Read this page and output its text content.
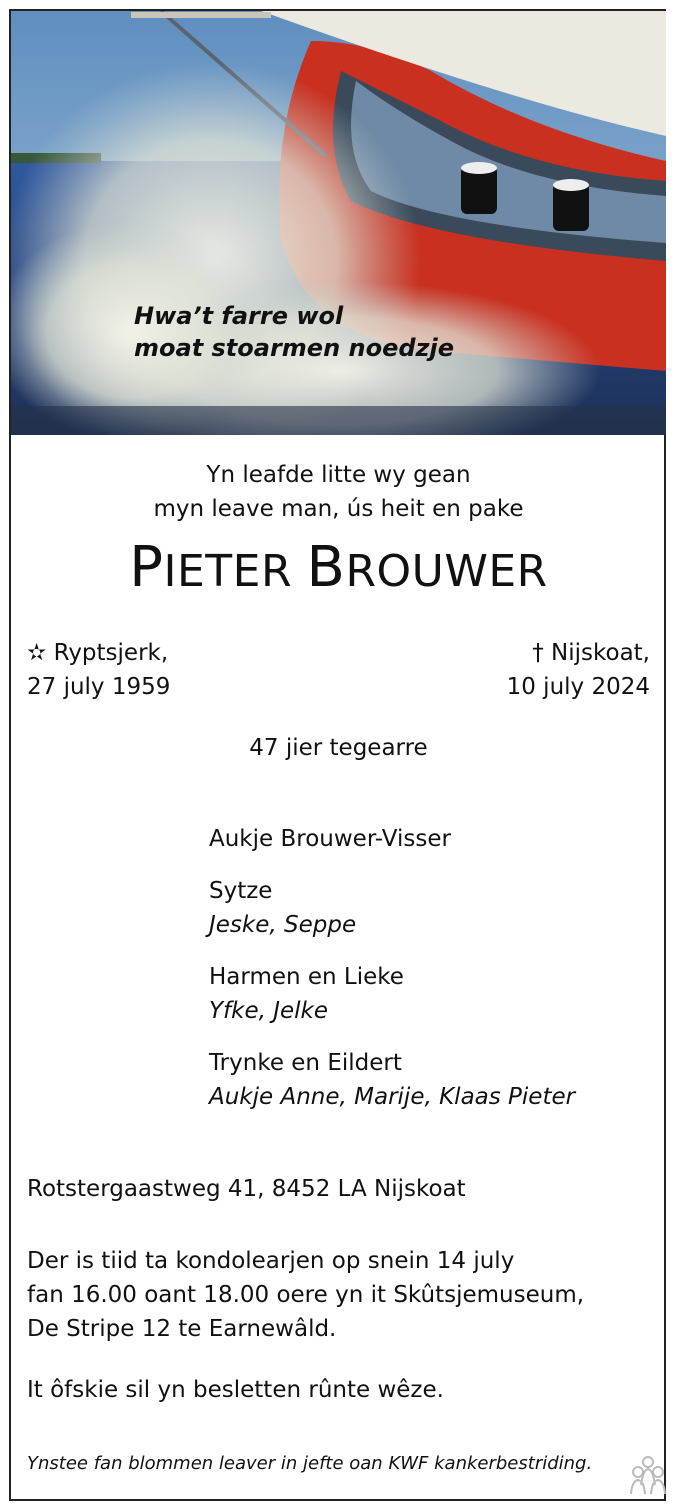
Hwa’t farre wol
moat stoarmen noedzje
Yn leafde litte wy gean
myn leave man, ús heit en pake
PIETER BROUWER
✫ Ryptsjerk,
27 july 1959
† Nijskoat,
10 july 2024
47 jier tegearre
Aukje Brouwer-Visser
Sytze
Jeske, Seppe
Harmen en Lieke
Yfke, Jelke
Trynke en Eildert
Aukje Anne, Marije, Klaas Pieter
Rotstergaastweg 41, 8452 LA Nijskoat
Der is tiid ta kondolearjen op snein 14 july
fan 16.00 oant 18.00 oere yn it Skûtsjemuseum,
De Stripe 12 te Earnewâld.
It ôfskie sil yn besletten rûnte wêze.
Ynstee fan blommen leaver in jefte oan KWF kankerbestriding.
